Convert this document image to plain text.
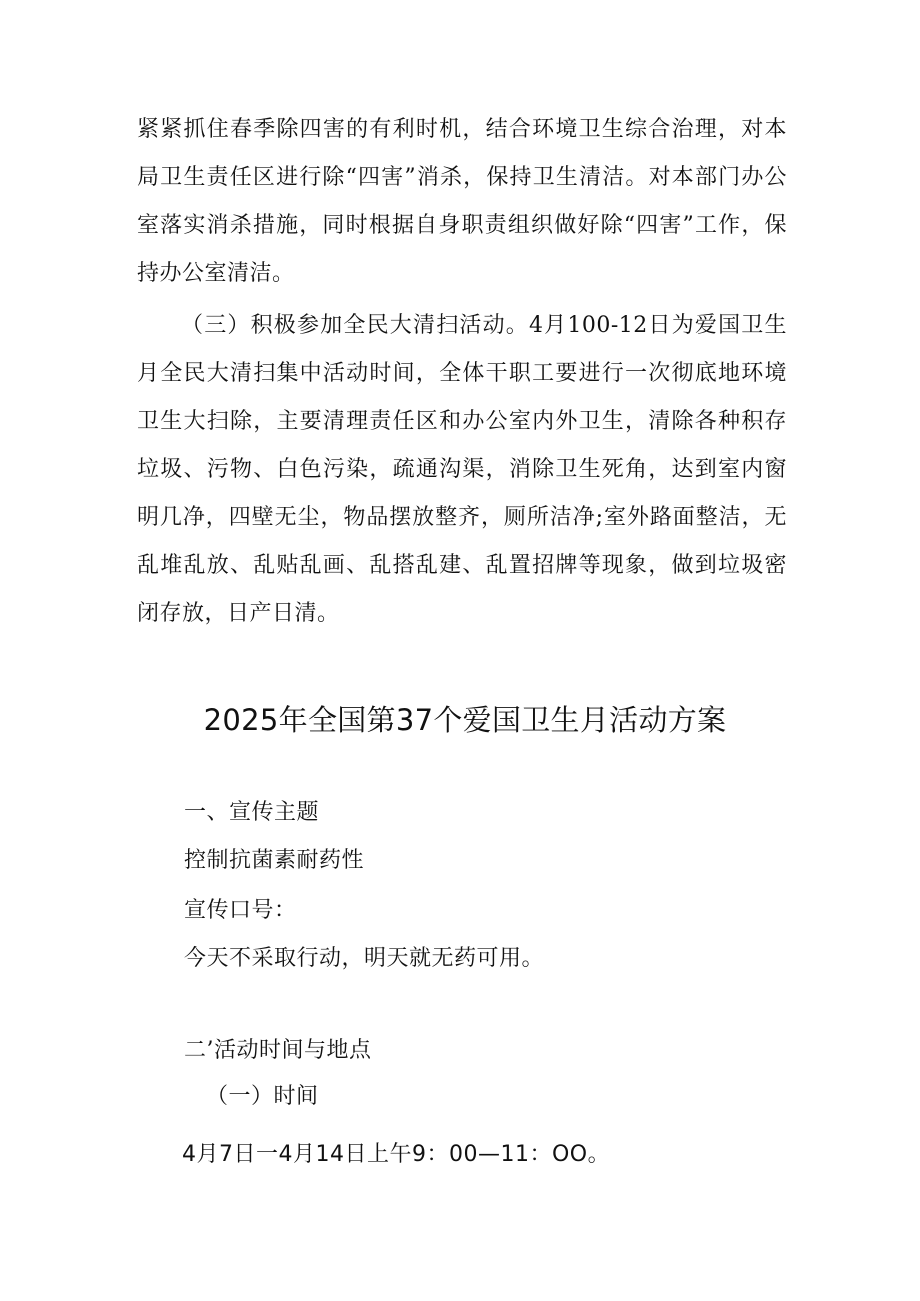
紧紧抓住春季除四害的有利时机，结合环境卫生综合治理，对本局卫生责任区进行除“四害”消杀，保持卫生清洁。对本部门办公室落实消杀措施，同时根据自身职责组织做好除“四害”工作，保持办公室清洁。

（三）积极参加全民大清扫活动。4月100-12日为爱国卫生月全民大清扫集中活动时间，全体干职工要进行一次彻底地环境卫生大扫除，主要清理责任区和办公室内外卫生，清除各种积存垃圾、污物、白色污染，疏通沟渠，消除卫生死角，达到室内窗明几净，四壁无尘，物品摆放整齐，厕所洁净;室外路面整洁，无乱堆乱放、乱贴乱画、乱搭乱建、乱置招牌等现象，做到垃圾密闭存放，日产日清。

2025年全国第37个爱国卫生月活动方案

一、宣传主题

控制抗菌素耐药性

宣传口号：

今天不采取行动，明天就无药可用。

二’活动时间与地点

（一）时间

4月7日一4月14日上午9：00—11：OO。
